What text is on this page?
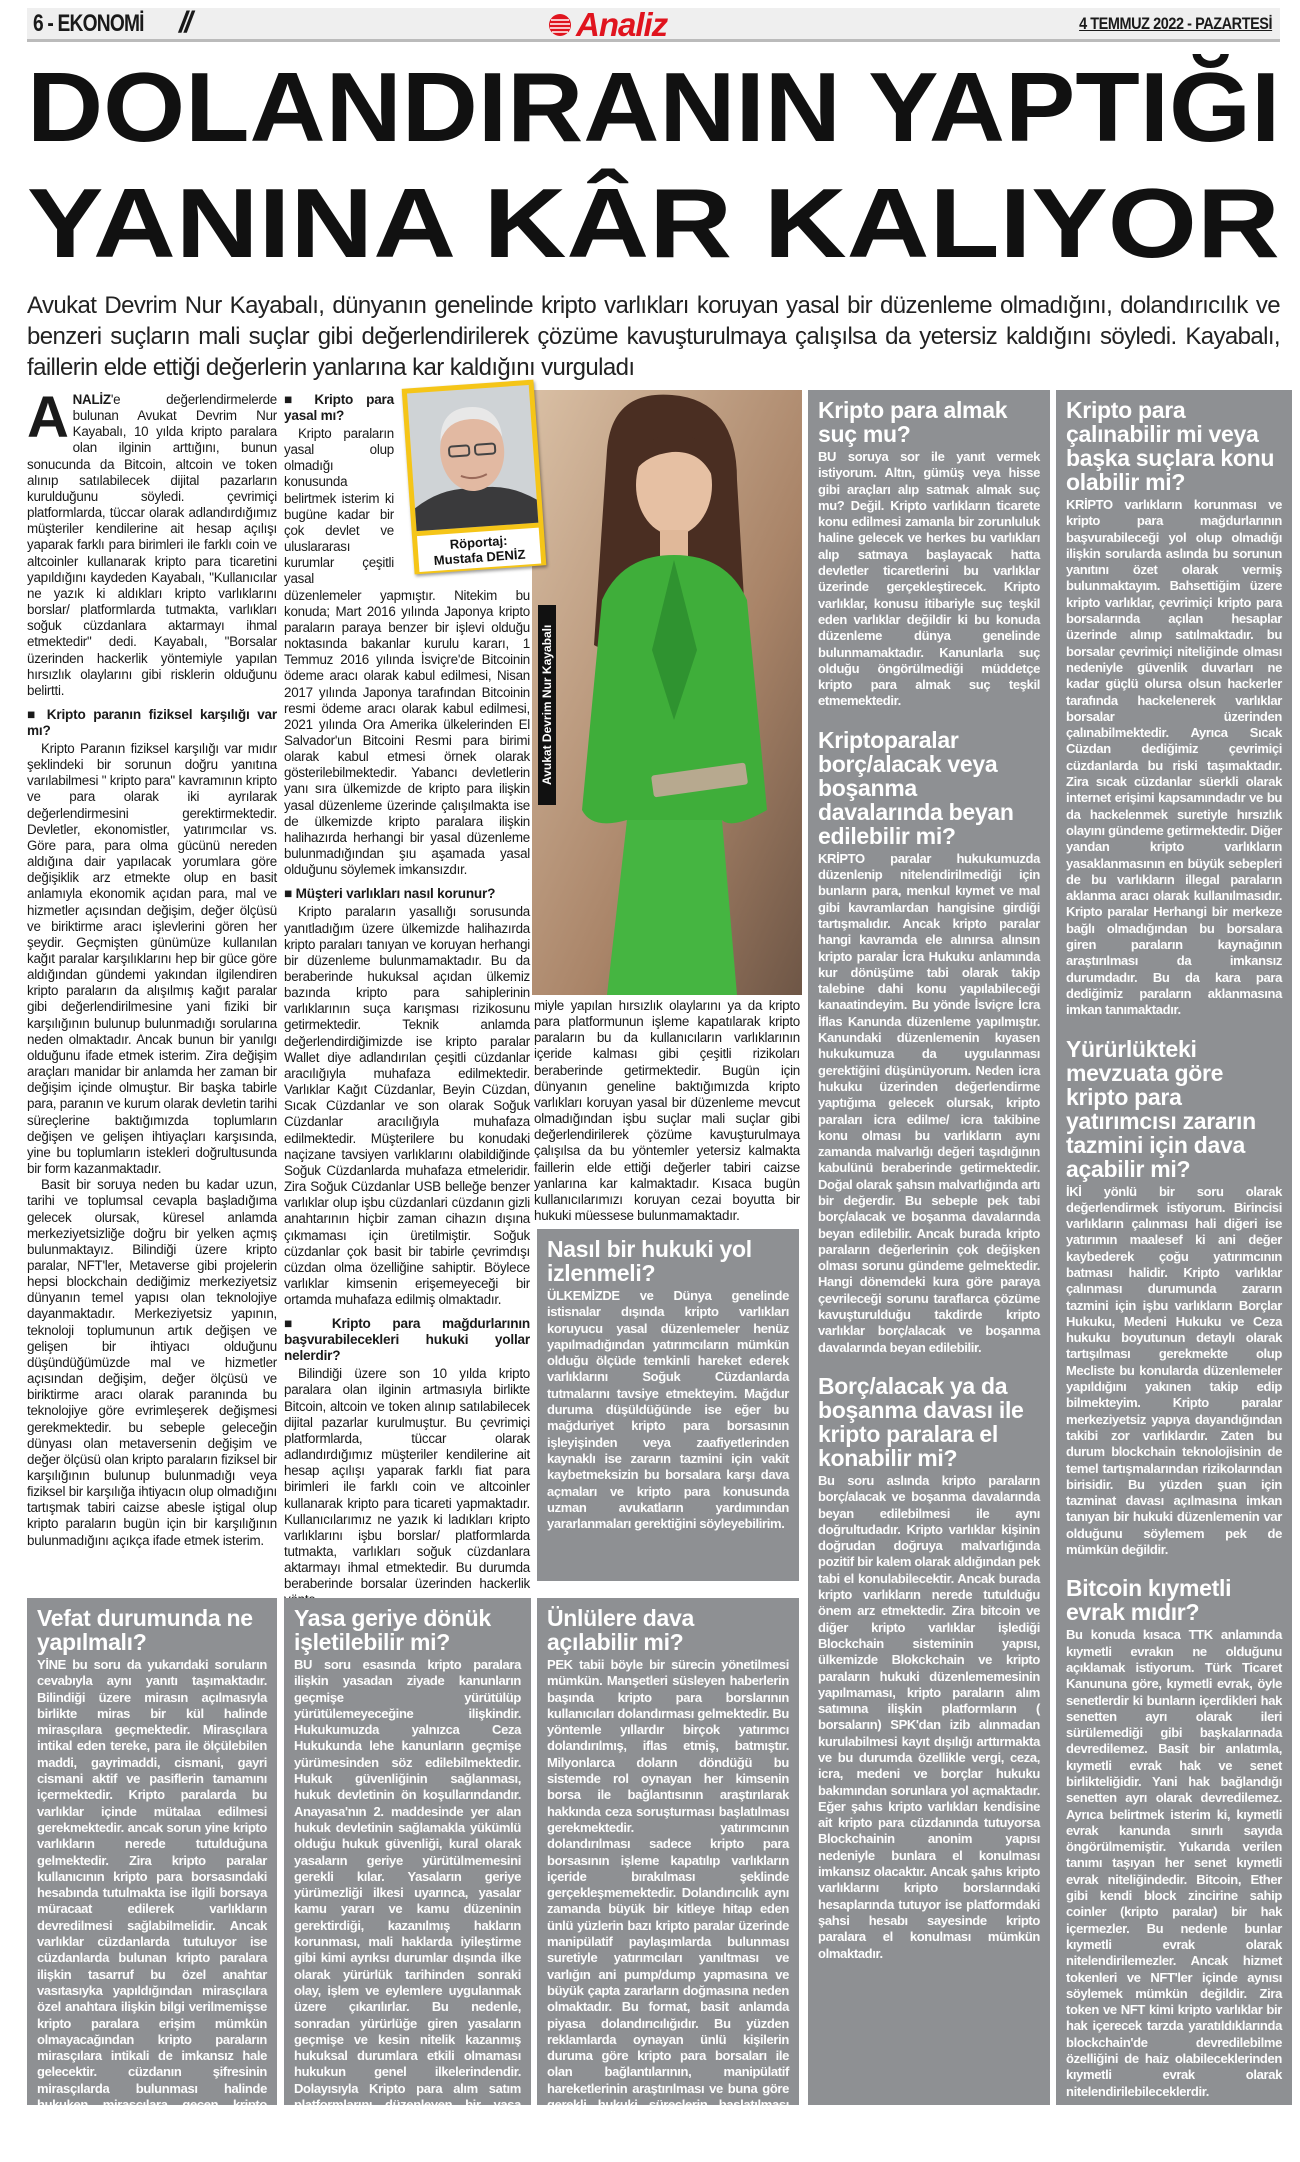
6 - EKONOMİ //	Analiz	4 TEMMUZ 2022 - PAZARTESİ
DOLANDIRANIN YAPTIĞI
YANINA KÂR KALIYOR
Avukat Devrim Nur Kayabalı, dünyanın genelinde kripto varlıkları koruyan yasal bir düzenleme olmadığını, dolandırıcılık ve benzeri suçların mali suçlar gibi değerlendirilerek çözüme kavuşturulmaya çalışılsa da yetersiz kaldığını söyledi. Kayabalı, faillerin elde ettiği değerlerin yanlarına kar kaldığını vurguladı

ANALİZ'e değerlendirmelerde bulunan Avukat Devrim Nur Kayabalı, 10 yılda kripto paralara olan ilginin arttığını, bunun sonucunda da Bitcoin, altcoin ve token alınıp satılabilecek dijital pazarların kurulduğunu söyledi. çevrimiçi platformlarda, tüccar olarak adlandırdığımız müşteriler kendilerine ait hesap açılışı yaparak farklı para birimleri ile farklı coin ve altcoinler kullanarak kripto para ticaretini yapıldığını kaydeden Kayabalı, "Kullanıcılar ne yazık ki aldıkları kripto varlıklarını borslar/ platformlarda tutmakta, varlıkları soğuk cüzdanlara aktarmayı ihmal etmektedir" dedi. Kayabalı, "Borsalar üzerinden hackerlik yöntemiyle yapılan hırsızlık olaylarını gibi risklerin olduğunu belirtti.

■ Kripto paranın fiziksel karşılığı var mı?

Kripto Paranın fiziksel karşılığı var mıdır şeklindeki bir sorunun doğru yanıtına varılabilmesi " kripto para" kavramının kripto ve para olarak iki ayrılarak değerlendirmesini gerektirmektedir. Devletler, ekonomistler, yatırımcılar vs. Göre para, para olma gücünü nereden aldığına dair yapılacak yorumlara göre değişiklik arz etmekte olup en basit anlamıyla ekonomik açıdan para, mal ve hizmetler açısından değişim, değer ölçüsü ve biriktirme aracı işlevlerini gören her şeydir. Geçmişten günümüze kullanılan kağıt paralar karşılıklarını hep bir güce göre aldığından gündemi yakından ilgilendiren kripto paraların da alışılmış kağıt paralar gibi değerlendirilmesine yani fiziki bir karşılığının bulunup bulunmadığı sorularına neden olmaktadır. Ancak bunun bir yanılgı olduğunu ifade etmek isterim. Zira değişim araçları manidar bir anlamda her zaman bir değişim içinde olmuştur. Bir başka tabirle para, paranın ve kurum olarak devletin tarihi süreçlerine baktığımızda toplumların değişen ve gelişen ihtiyaçları karşısında, yine bu toplumların istekleri doğrultusunda bir form kazanmaktadır.

Basit bir soruya neden bu kadar uzun, tarihi ve toplumsal cevapla başladığıma gelecek olursak, küresel anlamda merkeziyetsizliğe doğru bir yelken açmış bulunmaktayız. Bilindiği üzere kripto paralar, NFT'ler, Metaverse gibi projelerin hepsi blockchain dediğimiz merkeziyetsiz dünyanın temel yapısı olan teknolojiye dayanmaktadır. Merkeziyetsiz yapının, teknoloji toplumunun artık değişen ve gelişen bir ihtiyacı olduğunu düşündüğümüzde mal ve hizmetler açısından değişim, değer ölçüsü ve biriktirme aracı olarak paranında bu teknolojiye göre evrimleşerek değişmesi gerekmektedir. bu sebeple geleceğin dünyası olan metaversenin değişim ve değer ölçüsü olan kripto paraların fiziksel bir karşılığının bulunup bulunmadığı veya fiziksel bir karşılığa ihtiyacın olup olmadığını tartışmak tabiri caizse abesle iştigal olup kripto paraların bugün için bir karşılığının bulunmadığını açıkça ifade etmek isterim.

Röportaj:
Mustafa DENİZ
■ Kripto para yasal mı?

Kripto paraların yasal olup olmadığı konusunda belirtmek isterim ki bugüne kadar bir çok devlet ve uluslararası kurumlar çeşitli yasal düzenlemeler yapmıştır. Nitekim bu konuda; Mart 2016 yılında Japonya kripto paraların paraya benzer bir işlevi olduğu noktasında bakanlar kurulu kararı, 1 Temmuz 2016 yılında İsviçre'de Bitcoinin ödeme aracı olarak kabul edilmesi, Nisan 2017 yılında Japonya tarafından Bitcoinin resmi ödeme aracı olarak kabul edilmesi, 2021 yılında Ora Amerika ülkelerinden El Salvador'un Bitcoini Resmi para birimi olarak kabul etmesi örnek olarak gösterilebilmektedir. Yabancı devletlerin yanı sıra ülkemizde de kripto para ilişkin yasal düzenleme üzerinde çalışılmakta ise de ülkemizde kripto paralara ilişkin halihazırda herhangi bir yasal düzenleme bulunmadığından şıu aşamada yasal olduğunu söylemek imkansızdır.

■ Müşteri varlıkları nasıl korunur?

Kripto paraların yasallığı sorusunda yanıtladığım üzere ülkemizde halihazırda kripto paraları tanıyan ve koruyan herhangi bir düzenleme bulunmamaktadır. Bu da beraberinde hukuksal açıdan ülkemiz bazında kripto para sahiplerinin varlıklarının suça karışması rizikosunu getirmektedir. Teknik anlamda değerlendirdiğimizde ise kripto paralar Wallet diye adlandırılan çeşitli cüzdanlar aracılığıyla muhafaza edilmektedir. Varlıklar Kağıt Cüzdanlar, Beyin Cüzdan, Sıcak Cüzdanlar ve son olarak Soğuk Cüzdanlar aracılığıyla muhafaza edilmektedir. Müşterilere bu konudaki naçizane tavsiyen varlıklarını olabildiğinde Soğuk Cüzdanlarda muhafaza etmeleridir. Zira Soğuk Cüzdanlar USB belleğe benzer varlıklar olup işbu cüzdanlari cüzdanın gizli anahtarının hiçbir zaman cihazın dışına çıkmaması için üretilmiştir. Soğuk cüzdanlar çok basit bir tabirle çevrimdışı cüzdan olma özelliğine sahiptir. Böylece varlıklar kimsenin erişemeyeceği bir ortamda muhafaza edilmiş olmaktadır.

■ Kripto para mağdurlarının başvurabilecekleri hukuki yollar nelerdir?

Bilindiği üzere son 10 yılda kripto paralara olan ilginin artmasıyla birlikte Bitcoin, altcoin ve token alınıp satılabilecek dijital pazarlar kurulmuştur. Bu çevrimiçi platformlarda, tüccar olarak adlandırdığımız müşteriler kendilerine ait hesap açılışı yaparak farklı fiat para birimleri ile farklı coin ve altcoinler kullanarak kripto para ticareti yapmaktadır. Kullanıcılarımız ne yazık ki ladıkları kripto varlıklarını işbu borslar/ platformlarda tutmakta, varlıkları soğuk cüzdanlara aktarmayı ihmal etmektedir. Bu durumda beraberinde borsalar üzerinden hackerlik

Avukat Devrim Nur Kayabalı

miyle yapılan hırsızlık olaylarını ya da kripto para platformunun işleme kapatılarak kripto paraların bu da kullanıcıların varlıklarının içeride kalması gibi çeşitli rizikoları beraberinde getirmektedir. Bugün için dünyanın geneline baktığımızda kripto varlıkları koruyan yasal bir düzenleme mevcut olmadığından işbu suçlar mali suçlar gibi değerlendirilerek çözüme kavuşturulmaya çalışılsa da bu yöntemler yetersiz kalmakta faillerin elde ettiği değerler tabiri caizse yanlarına kar kalmaktadır. Kısaca bugün kullanıcılarımızı koruyan cezai boyutta bir hukuki müessese bulunmamaktadır.

Nasıl bir hukuki yol izlenmeli?

ÜLKEMİZDE ve Dünya genelinde istisnalar dışında kripto varlıkları koruyucu yasal düzenlemeler henüz yapılmadığından yatırımcıların mümkün olduğu ölçüde temkinli hareket ederek varlıklarını Soğuk Cüzdanlarda tutmalarını tavsiye etmekteyim. Mağdur duruma düşüldüğünde ise eğer bu mağduriyet kripto para borsasının işleyişinden veya zaafiyetlerinden kaynaklı ise zararın tazmini için vakit kaybetmeksizin bu borsalara karşı dava açmaları ve kripto para konusunda uzman avukatların yardımından yararlanmaları gerektiğini söyleyebilirim.

Kripto para almak suç mu?

BU soruya sor ile yanıt vermek istiyorum. Altın, gümüş veya hisse gibi araçları alıp satmak almak suç mu? Değil. Kripto varlıkların ticarete konu edilmesi zamanla bir zorunluluk haline gelecek ve herkes bu varlıkları alıp satmaya başlayacak hatta devletler ticaretlerini bu varlıklar üzerinde gerçekleştirecek. Kripto varlıklar, konusu itibariyle suç teşkil eden varlıklar değildir ki bu konuda düzenleme dünya genelinde bulunmamaktadır. Kanunlarla suç olduğu öngörülmediği müddetçe kripto para almak suç teşkil etmemektedir.

Kriptoparalar borç/alacak veya boşanma davalarında beyan edilebilir mi?

KRİPTO paralar hukukumuzda düzenlenip nitelendirilmediği için bunların para, menkul kıymet ve mal gibi kavramlardan hangisine girdiği tartışmalıdır. Ancak kripto paralar hangi kavramda ele alınırsa alınsın kripto paralar İcra Hukuku anlamında kur dönüşüme tabi olarak takip talebine dahi konu yapılabileceği kanaatindeyim. Bu yönde İsviçre İcra İflas Kanunda düzenleme yapılmıştır. Kanundaki düzenlemenin kıyasen hukukumuza da uygulanması gerektiğini düşünüyorum. Neden icra hukuku üzerinden değerlendirme yaptığıma gelecek olursak, kripto paraları icra edilme/ icra takibine konu olması bu varlıkların aynı zamanda malvarlığı değeri taşıdığının kabulünü beraberinde getirmektedir. Doğal olarak şahsın malvarlığında artı bir değerdir. Bu sebeple pek tabi borç/alacak ve boşanma davalarında beyan edilebilir. Ancak burada kripto paraların değerlerinin çok değişken olması sorunu gündeme gelmektedir. Hangi dönemdeki kura göre paraya çevrileceği sorunu taraflarca çözüme kavuşturulduğu takdirde kripto varlıklar borç/alacak ve boşanma davalarında beyan edilebilir.

Borç/alacak ya da boşanma davası ile kripto paralara el konabilir mi?

Bu soru aslında kripto paraların borç/alacak ve boşanma davalarında beyan edilebilmesi ile aynı doğrultudadır. Kripto varlıklar kişinin doğrudan doğruya malvarlığında pozitif bir kalem olarak aldığından pek tabi el konulabilecektir. Ancak burada kripto varlıkların nerede tutulduğu önem arz etmektedir. Zira bitcoin ve diğer kripto varlıklar işlediği Blockchain sisteminin yapısı, ülkemizde Blokckchain ve kripto paraların hukuki düzenlememesinin yapılmaması, kripto paraların alım satımına ilişkin platformların ( borsaların) SPK'dan izib alınmadan kurulabilmesi kayıt dışılığı arttırmakta ve bu durumda özellikle vergi, ceza, icra, medeni ve borçlar hukuku bakımından sorunlara yol açmaktadır. Eğer şahıs kripto varlıkları kendisine ait kripto para cüzdanında tutuyorsa Blockchainin anonim yapısı nedeniyle bunlara el konulması imkansız olacaktır. Ancak şahıs kripto varlıklarını kripto borslarındaki hesaplarında tutuyor ise platformdaki şahsi hesabı sayesinde kripto paralara el konulması mümkün olmaktadır.

Kripto para çalınabilir mi veya başka suçlara konu olabilir mi?

KRİPTO varlıkların korunması ve kripto para mağdurlarının başvurabileceği yol olup olmadığı ilişkin sorularda aslında bu sorunun yanıtını özet olarak vermiş bulunmaktayım. Bahsettiğim üzere kripto varlıklar, çevrimiçi kripto para borsalarında açılan hesaplar üzerinde alınıp satılmaktadır. bu borsalar çevrimiçi niteliğinde olması nedeniyle güvenlik duvarları ne kadar güçlü olursa olsun hackerler tarafında hackelenerek varlıklar borsalar üzerinden çalınabilmektedir. Ayrıca Sıcak Cüzdan dediğimiz çevrimiçi cüzdanlarda bu riski taşımaktadır. Zira sıcak cüzdanlar süerkli olarak internet erişimi kapsamındadır ve bu da hackelenmek suretiyle hırsızlık olayını gündeme getirmektedir. Diğer yandan kripto varlıkların yasaklanmasının en büyük sebepleri de bu varlıkların illegal paraların aklanma aracı olarak kullanılmasıdır. Kripto paralar Herhangi bir merkeze bağlı olmadığından bu borsalara giren paraların kaynağının araştırılması da imkansız durumdadır. Bu da kara para dediğimiz paraların aklanmasına imkan tanımaktadır.

Yürürlükteki mevzuata göre kripto para yatırımcısı zararın tazmini için dava açabilir mi?

İKİ yönlü bir soru olarak değerlendirmek istiyorum. Birincisi varlıkların çalınması hali diğeri ise yatırımın maalesef ki ani değer kaybederek çoğu yatırımcının batması halidir. Kripto varlıklar çalınması durumunda zararın tazmini için işbu varlıkların Borçlar Hukuku, Medeni Hukuku ve Ceza hukuku boyutunun detaylı olarak tartışılması gerekmekte olup Mecliste bu konularda düzenlemeler yapıldığını yakınen takip edip bilmekteyim. Kripto paralar merkeziyetsiz yapıya dayandığından takibi zor varlıklardır. Zaten bu durum blockchain teknolojisinin de temel tartışmalarından rizikolarından birisidir. Bu yüzden şuan için tazminat davası açılmasına imkan tanıyan bir hukuki düzenlemenin var olduğunu söylemem pek de mümkün değildir.

Bitcoin kıymetli evrak mıdır?

Bu konuda kısaca TTK anlamında kıymetli evrakın ne olduğunu açıklamak istiyorum. Türk Ticaret Kanununa göre, kıymetli evrak, öyle senetlerdir ki bunların içerdikleri hak senetten ayrı olarak ileri sürülemediği gibi başkalarınada devredilemez. Basit bir anlatımla, kıymetli evrak hak ve senet birlikteliğidir. Yani hak bağlandığı senetten ayrı olarak devredilemez. Ayrıca belirtmek isterim ki, kıymetli evrak kanunda sınırlı sayıda öngörülmemiştir. Yukarıda verilen tanımı taşıyan her senet kıymetli evrak niteliğindedir. Bitcoin, Ether gibi kendi block zincirine sahip coinler (kripto paralar) bir hak içermezler. Bu nedenle bunlar kıymetli evrak olarak nitelendirilemezler. Ancak hizmet tokenleri ve NFT'ler içinde aynısı söylemek mümkün değildir. Zira token ve NFT kimi kripto varlıklar bir hak içerecek tarzda yaratıldıklarında blockchain'de devredilebilme özelliğini de haiz olabileceklerinden kıymetli evrak olarak nitelendirilebileceklerdir.

Vefat durumunda ne yapılmalı?

YİNE bu soru da yukarıdaki soruların cevabıyla aynı yanıtı taşımaktadır. Bilindiği üzere mirasın açılmasıyla birlikte miras bir kül halinde mirasçılara geçmektedir. Mirasçılara intikal eden tereke, para ile ölçülebilen maddi, gayrimaddi, cismani, gayri cismani aktif ve pasiflerin tamamını içermektedir. Kripto paralarda bu varlıklar içinde mütalaa edilmesi gerekmektedir. ancak sorun yine kripto varlıkların nerede tutulduğuna gelmektedir. Zira kripto paralar kullanıcının kripto para borsasındaki hesabında tutulmakta ise ilgili borsaya müracaat edilerek varlıkların devredilmesi sağlabilmelidir. Ancak varlıklar cüzdanlarda tutuluyor ise cüzdanlarda bulunan kripto paralara ilişkin tasarruf bu özel anahtar vasıtasıyka yapıldığından mirasçılara özel anahtara ilişkin bilgi verilmemişse kripto paralara erişim mümkün olmayacağından kripto paraların mirasçılara intikali de imkansız hale gelecektir. cüzdanın şifresinin mirasçılarda bulunması halinde hukuken mirasçılara geçen kripto paralar fiilende terekeye dahil olabilecektir.

Yasa geriye dönük işletilebilir mi?

BU soru esasında kripto paralara ilişkin yasadan ziyade kanunların geçmişe yürütülüp yürütülemeyeceğine ilişkindir. Hukukumuzda yalnızca Ceza Hukukunda lehe kanunların geçmişe yürümesinden söz edilebilmektedir. Hukuk güvenliğinin sağlanması, hukuk devletinin ön koşullarındandır. Anayasa'nın 2. maddesinde yer alan hukuk devletinin sağlamakla yükümlü olduğu hukuk güvenliği, kural olarak yasaların geriye yürütülmemesini gerekli kılar. Yasaların geriye yürümezliği ilkesi uyarınca, yasalar kamu yararı ve kamu düzeninin gerektirdiği, kazanılmış hakların korunması, mali haklarda iyileştirme gibi kimi ayrıksı durumlar dışında ilke olarak yürürlük tarihinden sonraki olay, işlem ve eylemlere uygulanmak üzere çıkarılırlar. Bu nedenle, sonradan yürürlüğe giren yasaların geçmişe ve kesin nitelik kazanmış hukuksal durumlara etkili olmaması hukukun genel ilkelerindendir. Dolayısıyla Kripto para alım satım platformlarını düzenleyen bir yasa çıkarsa bunun geriye dönük işletilebilmesinden söz edilmesi hukuk devleti ilkesi gereği mümkün değildir.

Ünlülere dava açılabilir mi?

PEK tabii böyle bir sürecin yönetilmesi mümkün. Manşetleri süsleyen haberlerin başında kripto para borslarının kullanıcıları dolandırması gelmektedir. Bu yöntemle yıllardır birçok yatırımcı dolandırılmış, iflas etmiş, batmıştır. Milyonlarca doların döndüğü bu sistemde rol oynayan her kimsenin borsa ile bağlantısının araştırılarak hakkında ceza soruşturması başlatılması gerekmektedir. yatırımcının dolandırılması sadece kripto para borsasının işleme kapatılıp varlıkların içeride bırakılması şeklinde gerçekleşmemektedir. Dolandırıcılık aynı zamanda büyük bir kitleye hitap eden ünlü yüzlerin bazı kripto paralar üzerinde manipülatif paylaşımlarda bulunması suretiyle yatırımcıları yanıltması ve varlığın ani pump/dump yapmasına ve büyük çapta zararların doğmasına neden olmaktadır. Bu format, basit anlamda piyasa dolandırıcılığıdır. Bu yüzden reklamlarda oynayan ünlü kişilerin duruma göre kripto para borsaları ile olan bağlantılarının, manipülatif hareketlerinin araştırılması ve buna göre gerekli hukuki süreçlerin başlatılması gerekmektedir.
